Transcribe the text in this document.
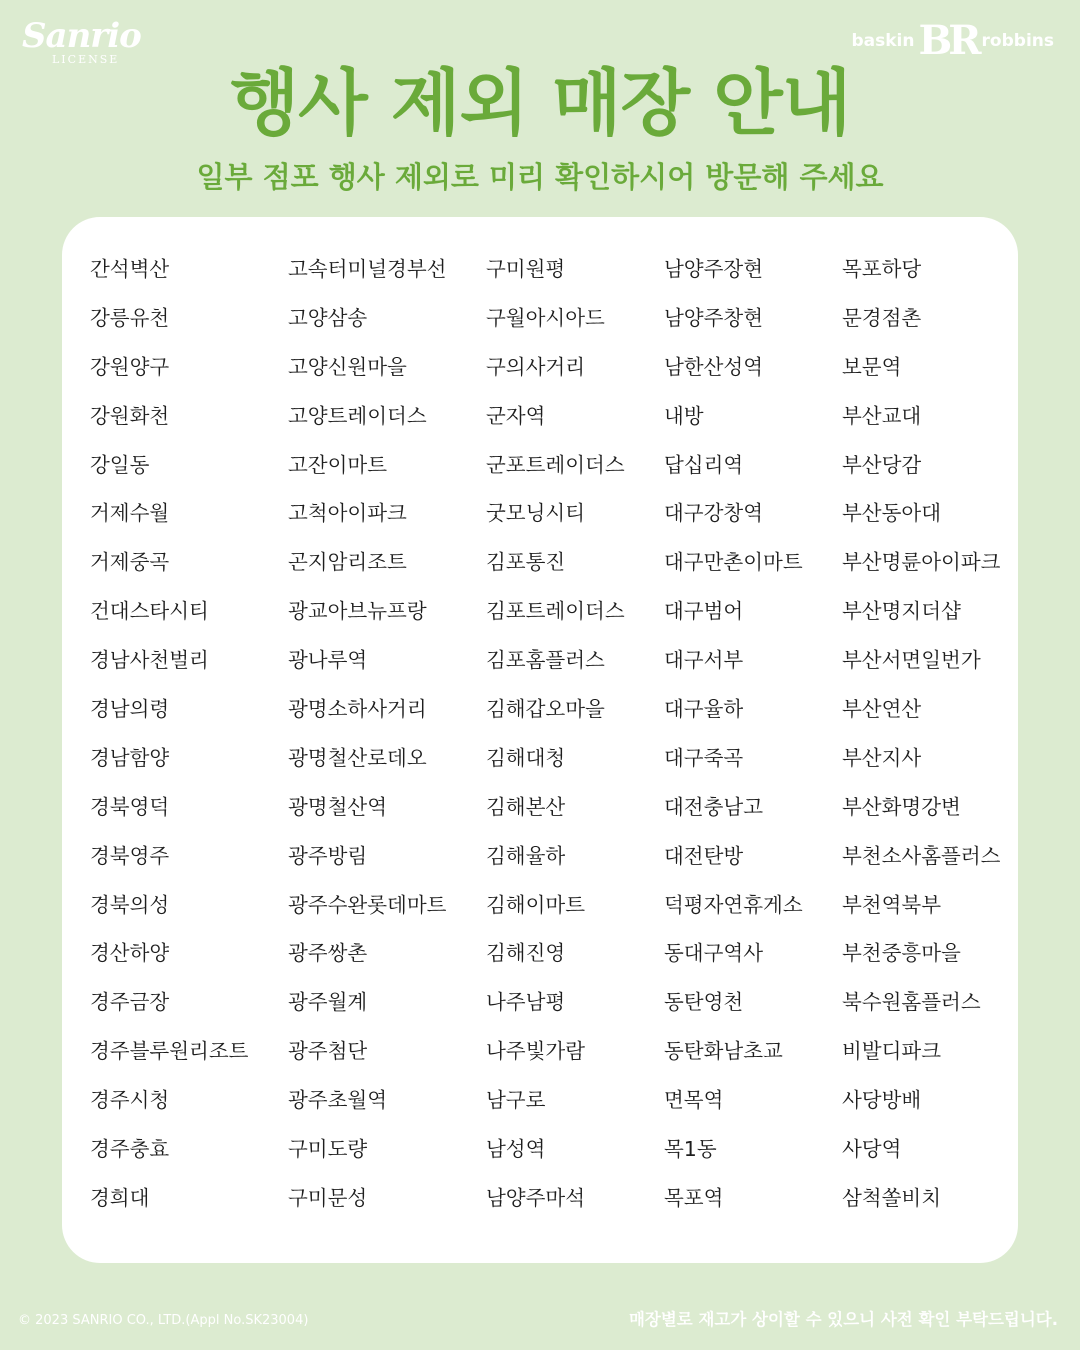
Sanrio
LICENSE
baskin BR robbins
행사 제외 매장 안내
일부 점포 행사 제외로 미리 확인하시어 방문해 주세요
간석벽산
강릉유천
강원양구
강원화천
강일동
거제수월
거제중곡
건대스타시티
경남사천벌리
경남의령
경남함양
경북영덕
경북영주
경북의성
경산하양
경주금장
경주블루원리조트
경주시청
경주충효
경희대
고속터미널경부선
고양삼송
고양신원마을
고양트레이더스
고잔이마트
고척아이파크
곤지암리조트
광교아브뉴프랑
광나루역
광명소하사거리
광명철산로데오
광명철산역
광주방림
광주수완롯데마트
광주쌍촌
광주월계
광주첨단
광주초월역
구미도량
구미문성
구미원평
구월아시아드
구의사거리
군자역
군포트레이더스
굿모닝시티
김포통진
김포트레이더스
김포홈플러스
김해갑오마을
김해대청
김해본산
김해율하
김해이마트
김해진영
나주남평
나주빛가람
남구로
남성역
남양주마석
남양주장현
남양주창현
남한산성역
내방
답십리역
대구강창역
대구만촌이마트
대구범어
대구서부
대구율하
대구죽곡
대전충남고
대전탄방
덕평자연휴게소
동대구역사
동탄영천
동탄화남초교
면목역
목1동
목포역
목포하당
문경점촌
보문역
부산교대
부산당감
부산동아대
부산명륜아이파크
부산명지더샵
부산서면일번가
부산연산
부산지사
부산화명강변
부천소사홈플러스
부천역북부
부천중흥마을
북수원홈플러스
비발디파크
사당방배
사당역
삼척쏠비치
© 2023 SANRIO CO., LTD.(Appl No.SK23004)	매장별로 재고가 상이할 수 있으니 사전 확인 부탁드립니다.
